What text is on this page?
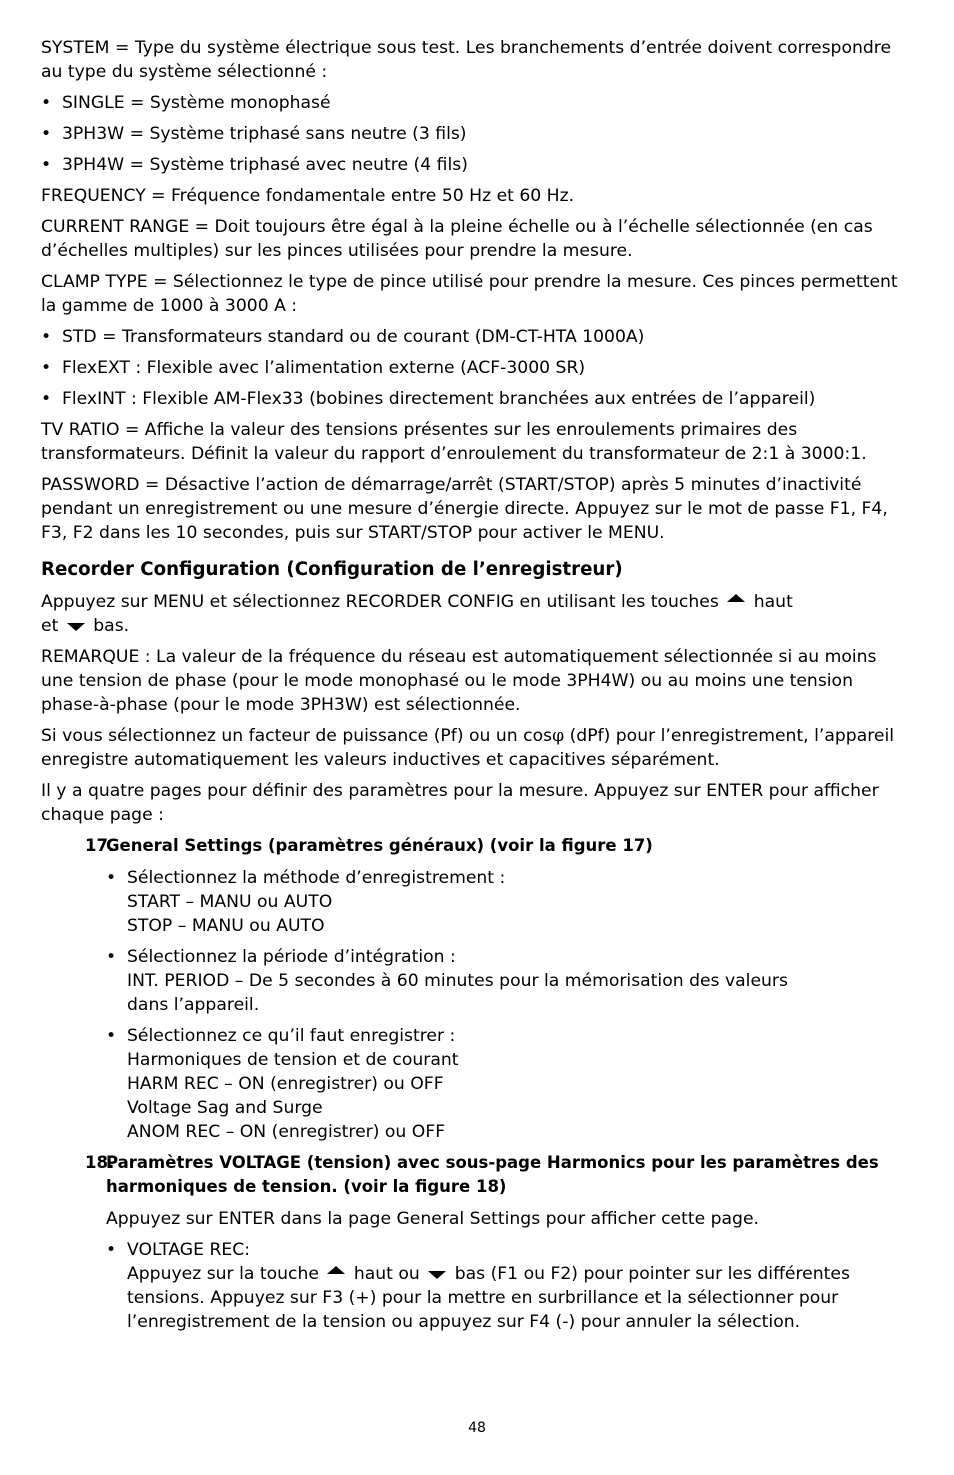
SYSTEM = Type du système électrique sous test. Les branchements d’entrée doivent correspondre au type du système sélectionné :

• SINGLE = Système monophasé
• 3PH3W = Système triphasé sans neutre (3 fils)
• 3PH4W = Système triphasé avec neutre (4 fils)

FREQUENCY = Fréquence fondamentale entre 50 Hz et 60 Hz.

CURRENT RANGE = Doit toujours être égal à la pleine échelle ou à l’échelle sélectionnée (en cas d’échelles multiples) sur les pinces utilisées pour prendre la mesure.

CLAMP TYPE = Sélectionnez le type de pince utilisé pour prendre la mesure. Ces pinces permettent la gamme de 1000 à 3000 A :

• STD = Transformateurs standard ou de courant (DM-CT-HTA 1000A)
• FlexEXT : Flexible avec l’alimentation externe (ACF-3000 SR)
• FlexINT : Flexible AM-Flex33 (bobines directement branchées aux entrées de l’appareil)

TV RATIO = Affiche la valeur des tensions présentes sur les enroulements primaires des transformateurs. Définit la valeur du rapport d’enroulement du transformateur de 2:1 à 3000:1.

PASSWORD = Désactive l’action de démarrage/arrêt (START/STOP) après 5 minutes d’inactivité pendant un enregistrement ou une mesure d’énergie directe. Appuyez sur le mot de passe F1, F4, F3, F2 dans les 10 secondes, puis sur START/STOP pour activer le MENU.

Recorder Configuration (Configuration de l’enregistreur)

Appuyez sur MENU et sélectionnez RECORDER CONFIG en utilisant les touches haut
et bas.

REMARQUE : La valeur de la fréquence du réseau est automatiquement sélectionnée si au moins une tension de phase (pour le mode monophasé ou le mode 3PH4W) ou au moins une tension phase-à-phase (pour le mode 3PH3W) est sélectionnée.

Si vous sélectionnez un facteur de puissance (Pf) ou un cosφ (dPf) pour l’enregistrement, l’appareil enregistre automatiquement les valeurs inductives et capacitives séparément.

Il y a quatre pages pour définir des paramètres pour la mesure. Appuyez sur ENTER pour afficher chaque page :

17.
General Settings (paramètres généraux) (voir la figure 17)
• Sélectionnez la méthode d’enregistrement :
START – MANU ou AUTO
STOP – MANU ou AUTO
• Sélectionnez la période d’intégration :
INT. PERIOD – De 5 secondes à 60 minutes pour la mémorisation des valeurs
dans l’appareil.
• Sélectionnez ce qu’il faut enregistrer :
Harmoniques de tension et de courant
HARM REC – ON (enregistrer) ou OFF
Voltage Sag and Surge
ANOM REC – ON (enregistrer) ou OFF
18.
Paramètres VOLTAGE (tension) avec sous-page Harmonics pour les paramètres des harmoniques de tension. (voir la figure 18)

Appuyez sur ENTER dans la page General Settings pour afficher cette page.

• VOLTAGE REC:
Appuyez sur la touche haut ou bas (F1 ou F2) pour pointer sur les différentes tensions. Appuyez sur F3 (+) pour la mettre en surbrillance et la sélectionner pour l’enregistrement de la tension ou appuyez sur F4 (-) pour annuler la sélection.
48
